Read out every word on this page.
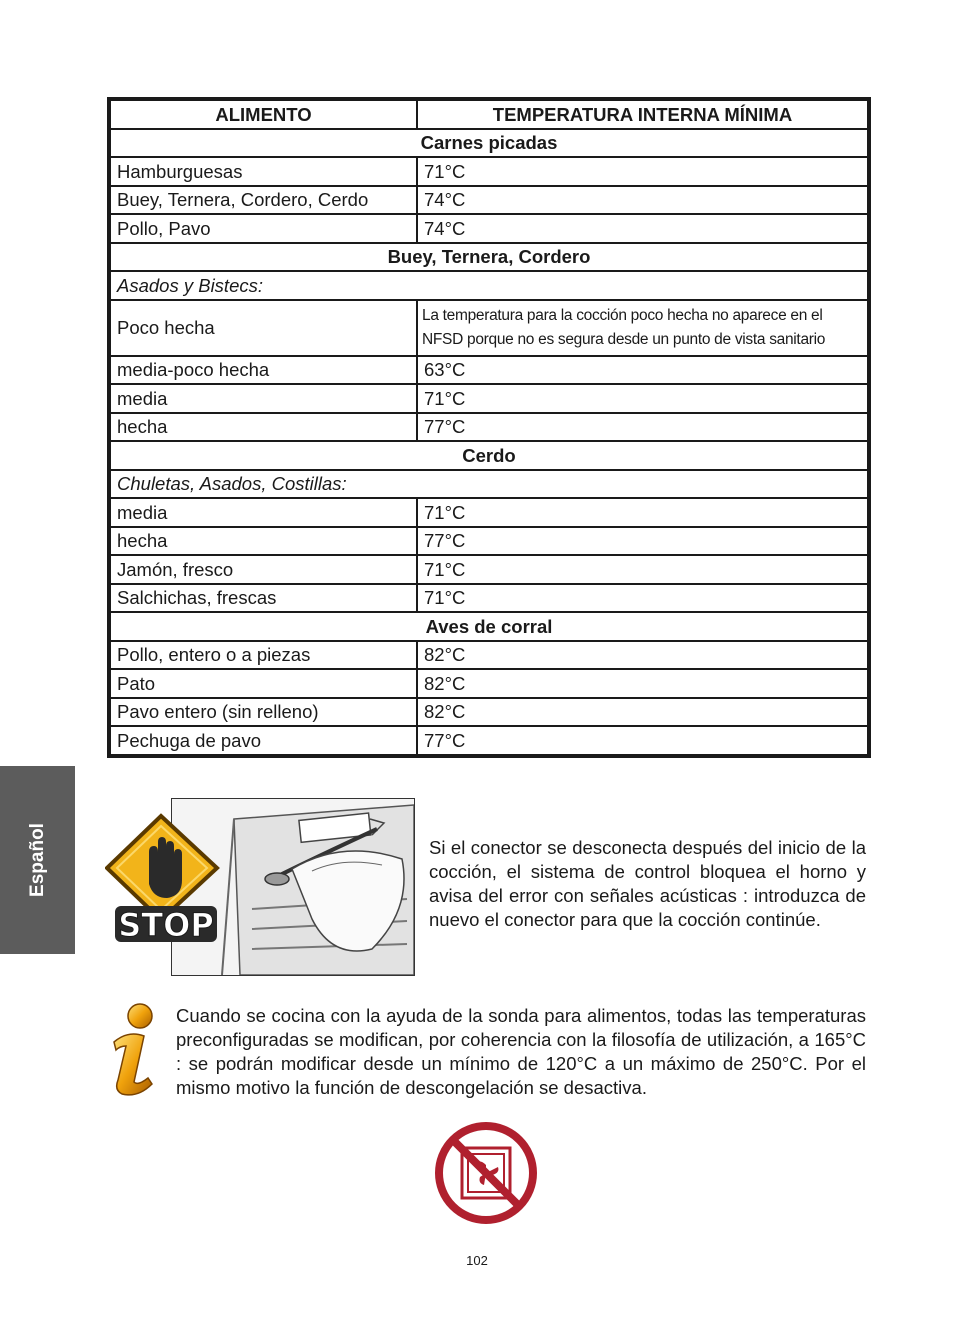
Español
ALIMENTO	TEMPERATURA INTERNA MÍNIMA
Carnes picadas	
Hamburguesas	71°C
Buey, Ternera, Cordero, Cerdo	74°C
Pollo, Pavo	74°C
Buey, Ternera, Cordero	
Asados y Bistecs:	
Poco hecha	La temperatura para la cocción poco hecha no aparece en el NFSD porque no es segura desde un punto de vista sanitario
media-poco hecha	63°C
media	71°C
hecha	77°C
Cerdo	
Chuletas, Asados, Costillas:	
media	71°C
hecha	77°C
Jamón, fresco	71°C
Salchichas, frescas	71°C
Aves de corral	
Pollo, entero o a piezas	82°C
Pato	82°C
Pavo entero (sin relleno)	82°C
Pechuga de pavo	77°C
STOP
Si el conector se desconecta después del inicio de la cocción, el sistema de control bloquea el horno y avisa del error con señales acústicas : introduzca de nuevo el conector para que la cocción continúe.
Cuando se cocina con la ayuda de la sonda para alimentos, todas las temperaturas preconfiguradas se modifican, por coherencia con la filosofía de utilización, a 165°C : se podrán modificar desde un mínimo de 120°C a un máximo de 250°C. Por el mismo motivo la función de descongelación se desactiva.
102
